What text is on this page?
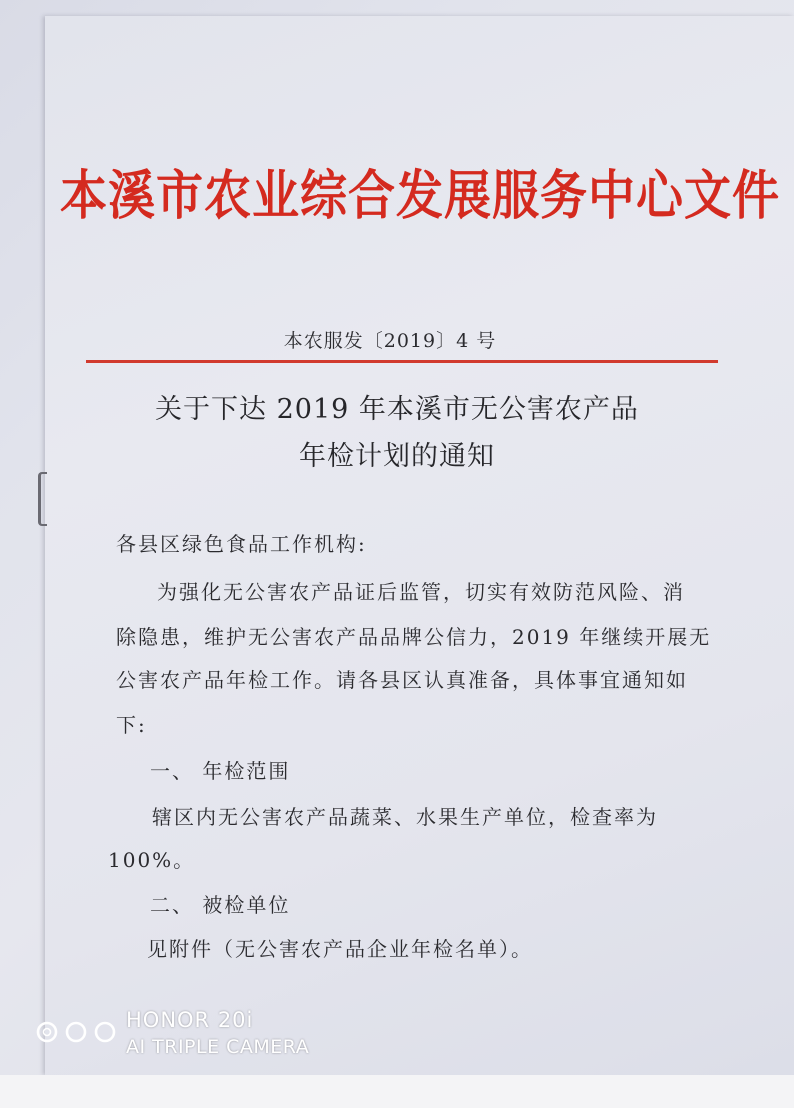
本溪市农业综合发展服务中心文件
本农服发〔2019〕4 号
关于下达 2019 年本溪市无公害农产品
年检计划的通知
各县区绿色食品工作机构:
为强化无公害农产品证后监管，切实有效防范风险、消
除隐患，维护无公害农产品品牌公信力，2019 年继续开展无
公害农产品年检工作。请各县区认真准备，具体事宜通知如
下:
一、 年检范围
辖区内无公害农产品蔬菜、水果生产单位，检查率为
100%。
二、 被检单位
见附件（无公害农产品企业年检名单）。
HONOR 20i
AI TRIPLE CAMERA
